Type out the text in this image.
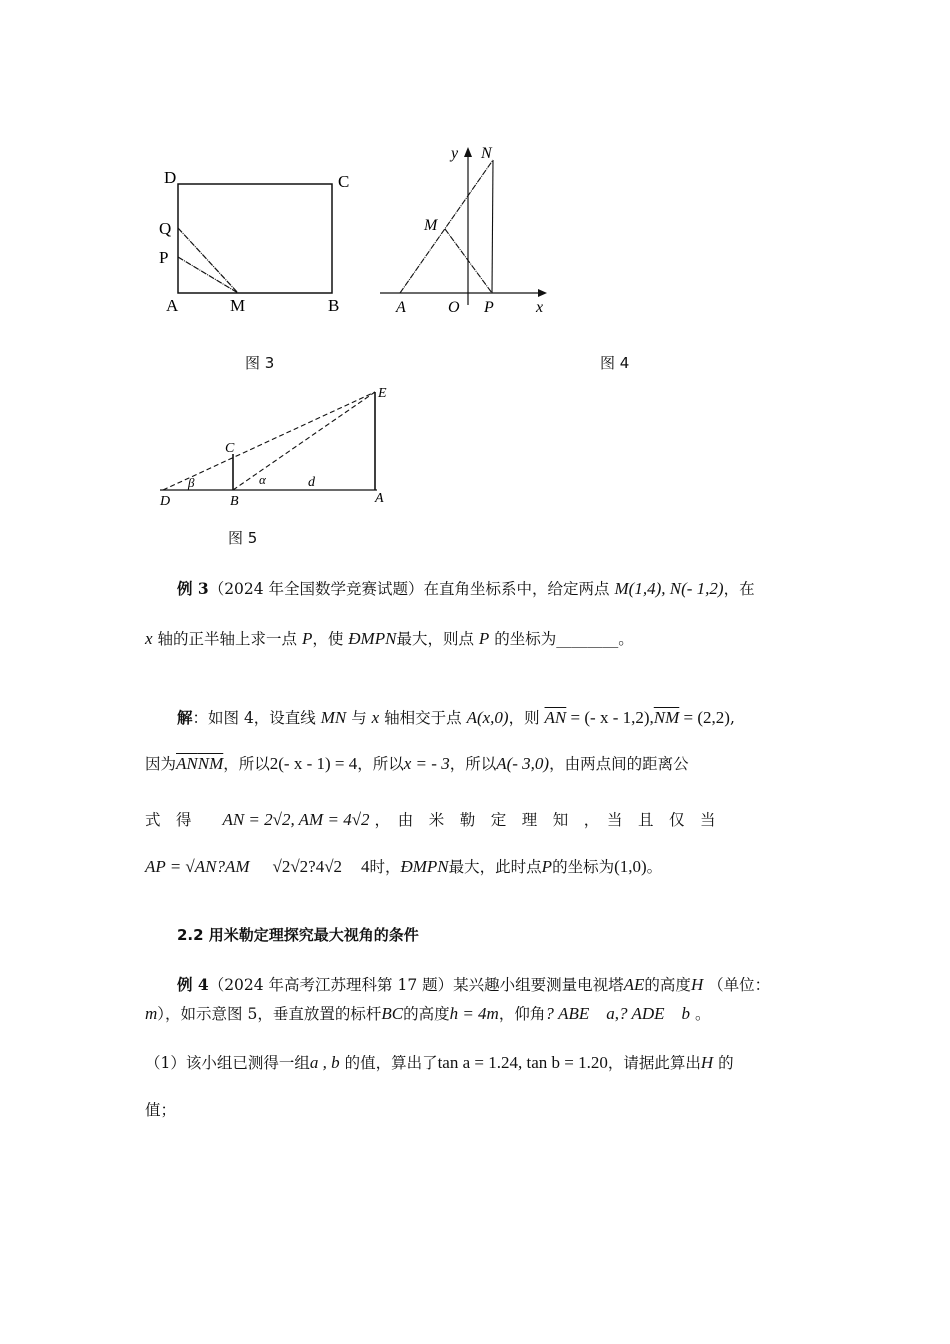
D	C
Q
P
A	M	B
图 3
y N
M
A	O P	x
图 4
E
C
β	α	d
D	B	A
图 5
例 3（2024 年全国数学竞赛试题）在直角坐标系中，给定两点 M(1,4), N(- 1,2)，在
x 轴的正半轴上求一点 P，使 ÐMPN最大，则点 P 的坐标为________。
解：如图 4，设直线 MN 与 x 轴相交于点 A(x,0)，则 $\overline{AN}$ = (- $x - 1,2),\overline{NM} = (2,2)$,
因为$\overline{AN}\overline{NM}$，所以2(- x - 1) = 4，所以x = - 3，所以A(- 3,0)，由两点间的距离公
式　得 AN = 2√2, AM = 4√2 ，　由　米　勒　定　理　知　，　当　且　仅　当
AP = √AN?AM √2√2?4√2 4时，ÐMPN最大，此时点P的坐标为(1,0)。
2.2 用米勒定理探究最大视角的条件
例 4（2024 年高考江苏理科第 17 题）某兴趣小组要测量电视塔AE的高度H （单位：
m），如示意图 5，垂直放置的标杆BC的高度h = 4m，仰角? ABE　a,? ADE　b 。
（1）该小组已测得一组a , b 的值，算出了tan a = 1.24, tan b = 1.20，请据此算出H 的
值；
